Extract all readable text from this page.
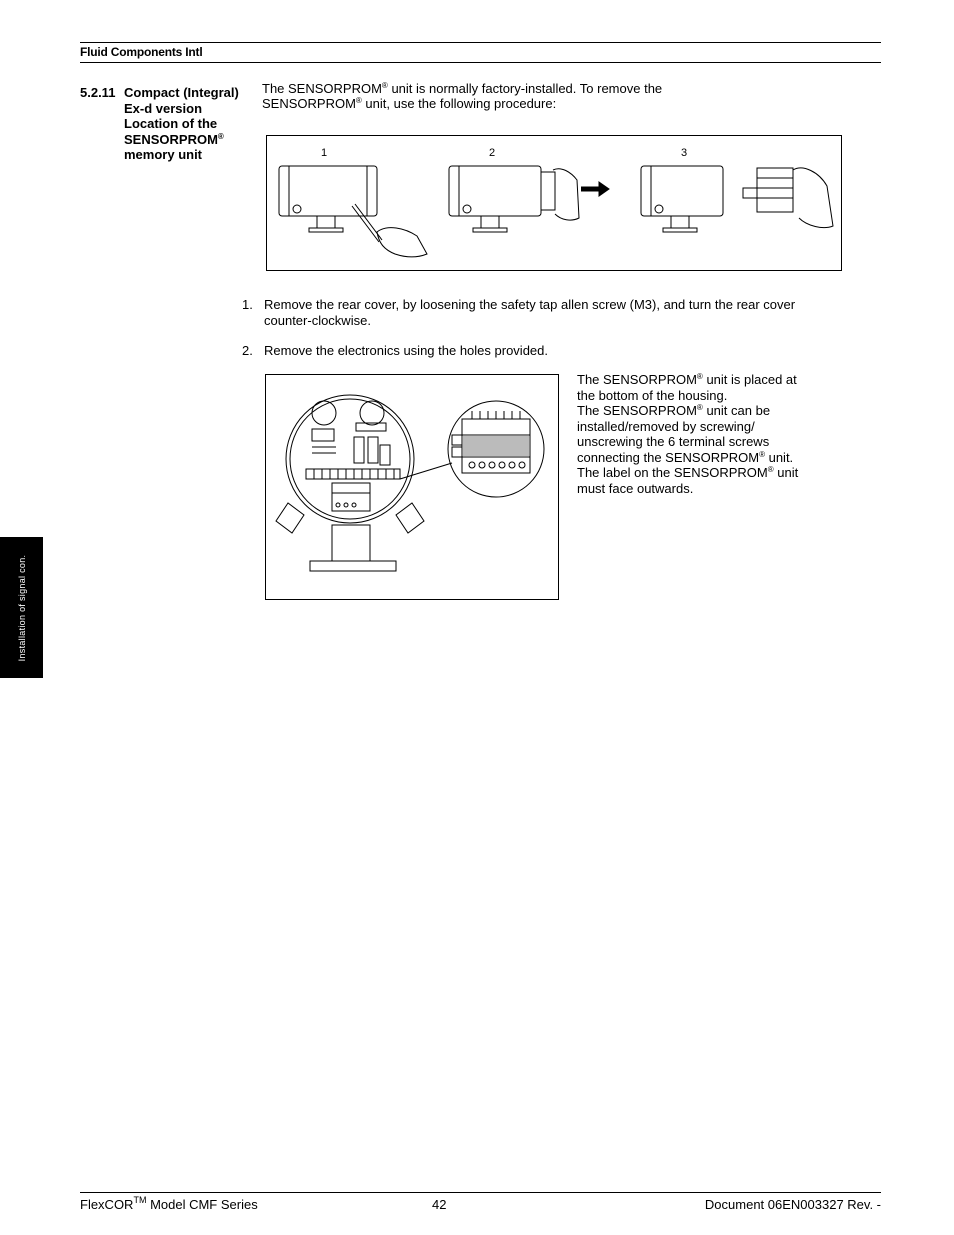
Fluid Components Intl
5.2.11 Compact (Integral)
Ex-d version
Location of the
SENSORPROM®
memory unit
The SENSORPROM® unit is normally factory-installed. To remove the
SENSORPROM® unit, use the following procedure:
1	2	3
1. Remove the rear cover, by loosening the safety tap allen screw (M3), and turn the rear cover
counter-clockwise.
2. Remove the electronics using the holes provided.
The SENSORPROM® unit is placed at
the bottom of the housing.
The SENSORPROM® unit can be
installed/removed by screwing/
unscrewing the 6 terminal screws
connecting the SENSORPROM® unit.
The label on the SENSORPROM® unit
must face outwards.
Installation of signal con.
FlexCOR™ Model CMF Series	42	Document 06EN003327 Rev. -
